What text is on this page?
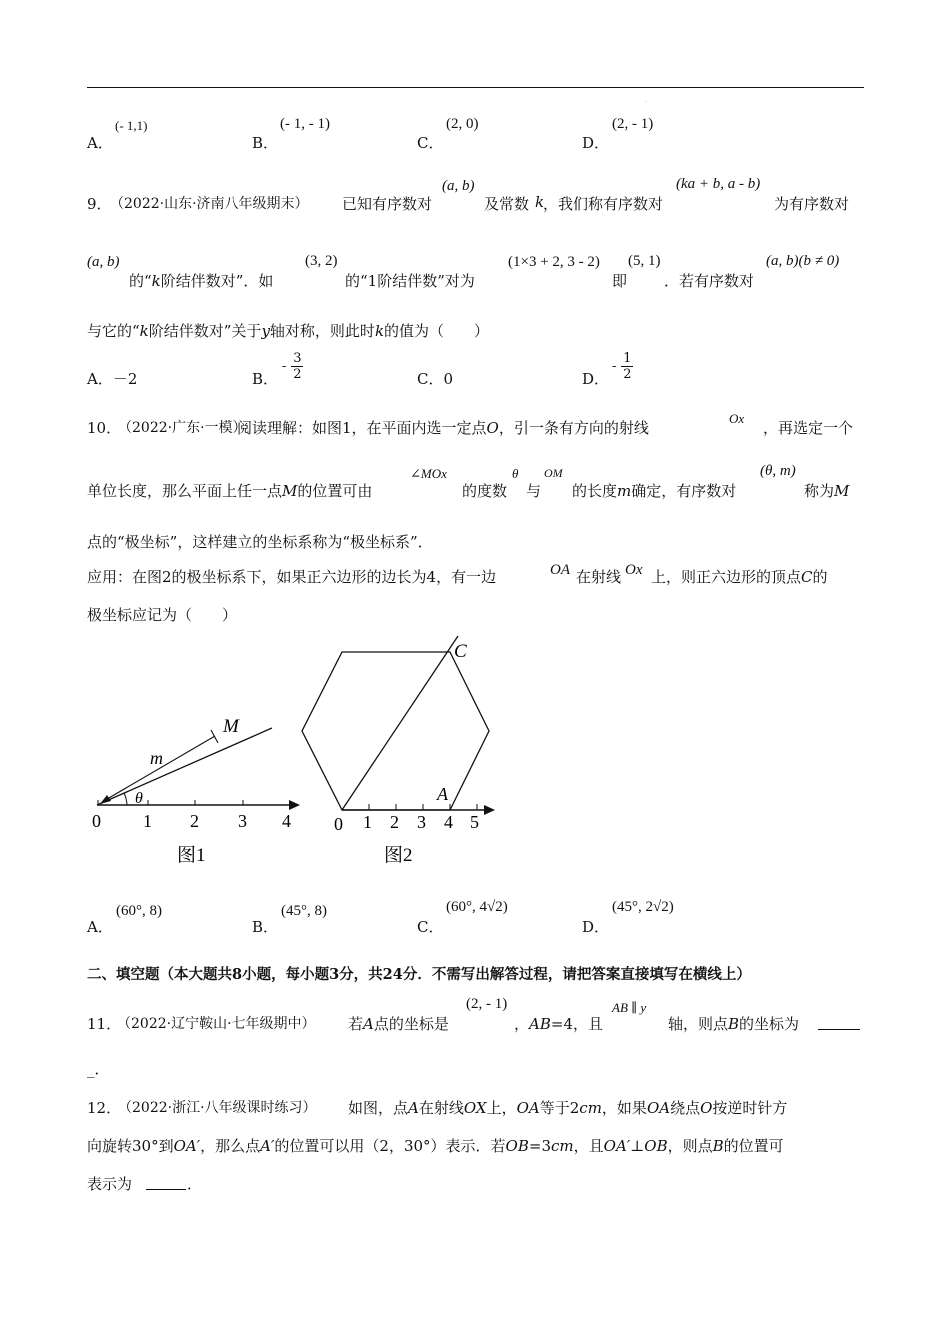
.
A．
(- 1,1)
B．
(- 1, - 1)
C．
(2, 0)
D．
(2, - 1)
9．
（2022·山东·济南八年级期末） 已知有序数对
(a, b)
及常数 k
，我们称有序数对
(ka + b, a - b)
为有序数对
(a, b)
的“k阶结伴数对”．如
(3, 2)
的“1阶结伴数”对为
(1×3 + 2, 3 - 2)
即
(5, 1)
．若有序数对
(a, b)(b ≠ 0)
与它的“k阶结伴数对”关于y轴对称，则此时k的值为（　　）
A．－2	B．
- $\frac{3}{2}$	C．0	D．
- $\frac{1}{2}$
10．
（2022·广东·一模）
阅读理解：如图1，在平面内选一定点O，引一条有方向的射线
Ox
，再选定一个
单位长度，那么平面上任一点M的位置可由
∠MOx
的度数
θ
与
OM
的长度m确定，有序数对
(θ, m)
称为M
点的“极坐标”，这样建立的坐标系称为“极坐标系”．
应用：在图2的极坐标系下，如果正六边形的边长为4，有一边	OA 在射线 Ox 上，则正六边形的顶点C的
极坐标应记为（　　）
M
m
θ
0 1 2 3 4
图1
C
A
0 1 2 3 4 5
图2
A．
(60°, 8)
B．
(45°, 8)
C．
(60°, 4√2)
D．
(45°, 2√2)
二、填空题（本大题共8小题，每小题3分，共24分．不需写出解答过程，请把答案直接填写在横线上）
11．
（2022·辽宁鞍山·七年级期中） 若A点的坐标是
(2, - 1)
，AB=4，且
AB ∥ y
轴，则点B的坐标为
_．
12．
（2022·浙江·八年级课时练习） 如图，点A在射线OX上，OA等于2cm，如果OA绕点O按逆时针方
向旋转30°到OA′，那么点A′的位置可以用（2，30°）表示．若OB=3cm，且OA′⊥OB，则点B的位置可
表示为	．
